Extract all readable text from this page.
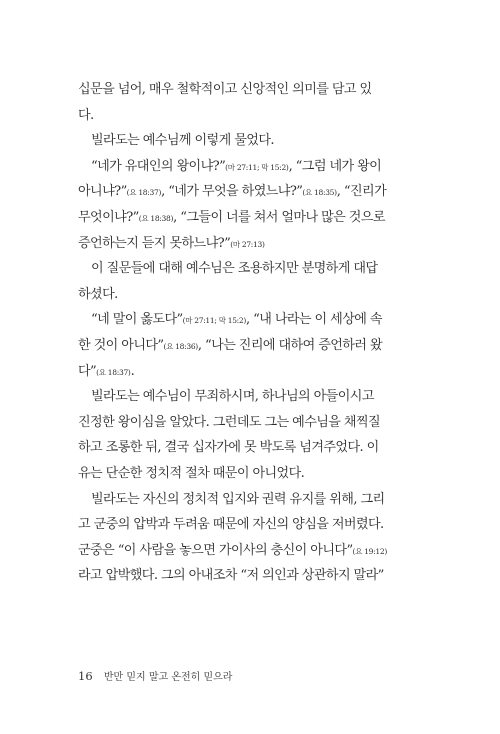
십문을 넘어, 매우 철학적이고 신앙적인 의미를 담고 있
다.
빌라도는 예수님께 이렇게 물었다.
“네가 유대인의 왕이냐?”(마 27:11; 막 15:2), “그럼 네가 왕이
아니냐?”(요 18:37), “네가 무엇을 하였느냐?”(요 18:35), “진리가
무엇이냐?”(요 18:38), “그들이 너를 쳐서 얼마나 많은 것으로
증언하는지 듣지 못하느냐?”(마 27:13)
이 질문들에 대해 예수님은 조용하지만 분명하게 대답
하셨다.
“네 말이 옳도다”(마 27:11; 막 15:2), “내 나라는 이 세상에 속
한 것이 아니다”(요 18:36), “나는 진리에 대하여 증언하러 왔
다”(요 18:37).
빌라도는 예수님이 무죄하시며, 하나님의 아들이시고
진정한 왕이심을 알았다. 그런데도 그는 예수님을 채찍질
하고 조롱한 뒤, 결국 십자가에 못 박도록 넘겨주었다. 이
유는 단순한 정치적 절차 때문이 아니었다.
빌라도는 자신의 정치적 입지와 권력 유지를 위해, 그리
고 군중의 압박과 두려움 때문에 자신의 양심을 저버렸다.
군중은 “이 사람을 놓으면 가이사의 충신이 아니다”(요 19:12)
라고 압박했다. 그의 아내조차 “저 의인과 상관하지 말라”
16 반만 믿지 말고 온전히 믿으라
